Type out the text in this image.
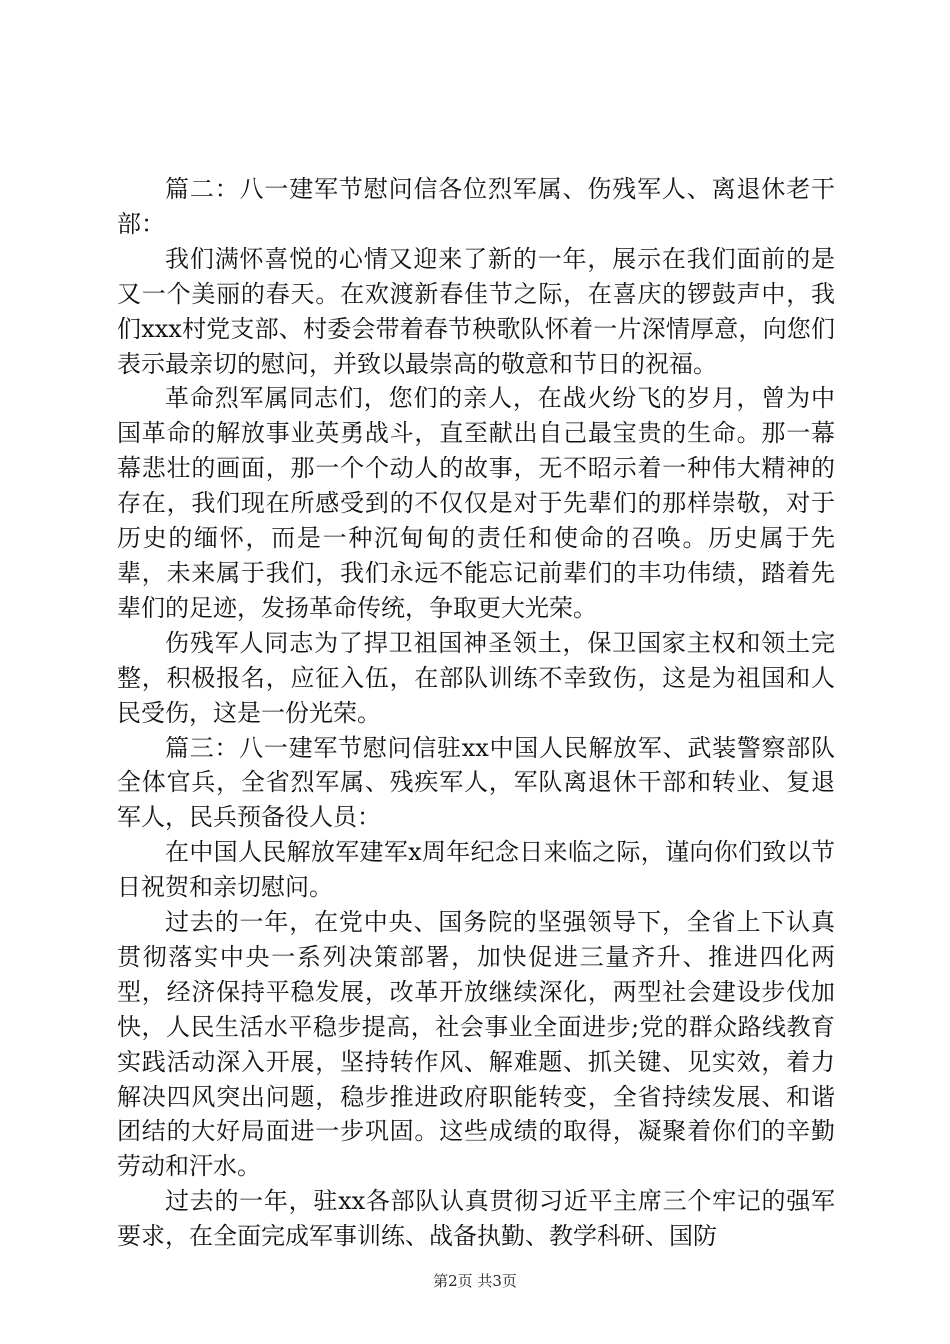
篇二：八一建军节慰问信各位烈军属、伤残军人、离退休老干部：

我们满怀喜悦的心情又迎来了新的一年，展示在我们面前的是又一个美丽的春天。在欢渡新春佳节之际，在喜庆的锣鼓声中，我们xxx村党支部、村委会带着春节秧歌队怀着一片深情厚意，向您们表示最亲切的慰问，并致以最崇高的敬意和节日的祝福。

革命烈军属同志们，您们的亲人，在战火纷飞的岁月，曾为中国革命的解放事业英勇战斗，直至献出自己最宝贵的生命。那一幕幕悲壮的画面，那一个个动人的故事，无不昭示着一种伟大精神的存在，我们现在所感受到的不仅仅是对于先辈们的那样崇敬，对于历史的缅怀，而是一种沉甸甸的责任和使命的召唤。历史属于先辈，未来属于我们，我们永远不能忘记前辈们的丰功伟绩，踏着先辈们的足迹，发扬革命传统，争取更大光荣。

伤残军人同志为了捍卫祖国神圣领土，保卫国家主权和领土完整，积极报名，应征入伍，在部队训练不幸致伤，这是为祖国和人民受伤，这是一份光荣。

篇三：八一建军节慰问信驻xx中国人民解放军、武装警察部队全体官兵，全省烈军属、残疾军人，军队离退休干部和转业、复退军人，民兵预备役人员：

在中国人民解放军建军x周年纪念日来临之际，谨向你们致以节日祝贺和亲切慰问。

过去的一年，在党中央、国务院的坚强领导下，全省上下认真贯彻落实中央一系列决策部署，加快促进三量齐升、推进四化两型，经济保持平稳发展，改革开放继续深化，两型社会建设步伐加快，人民生活水平稳步提高，社会事业全面进步;党的群众路线教育实践活动深入开展，坚持转作风、解难题、抓关键、见实效，着力解决四风突出问题，稳步推进政府职能转变，全省持续发展、和谐团结的大好局面进一步巩固。这些成绩的取得，凝聚着你们的辛勤劳动和汗水。

过去的一年，驻xx各部队认真贯彻习近平主席三个牢记的强军要求，在全面完成军事训练、战备执勤、教学科研、国防

第2页 共3页
